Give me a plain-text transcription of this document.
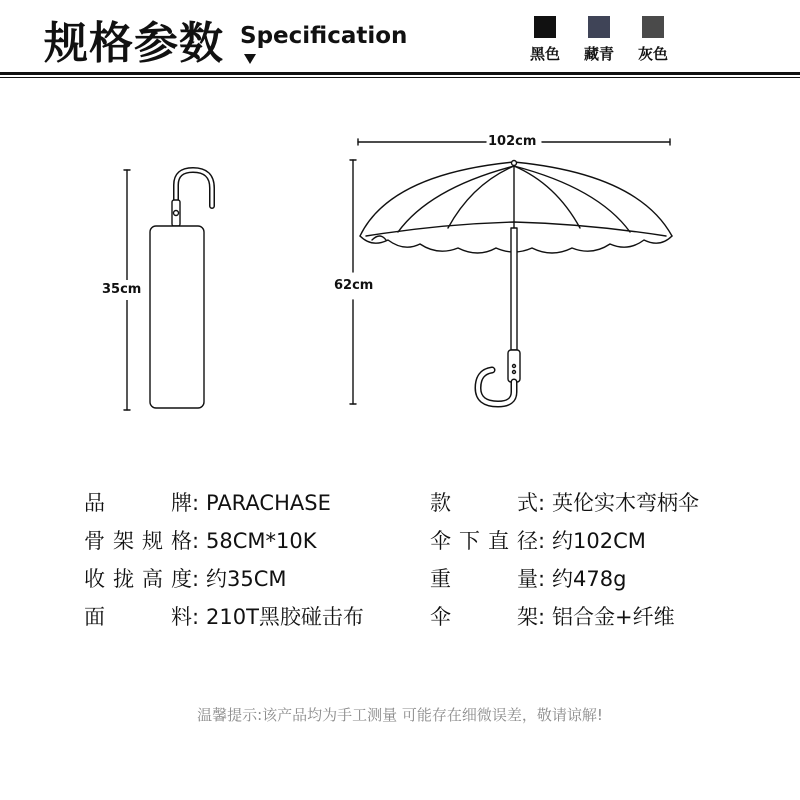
规格参数 Specification
黑色	藏青	灰色
35cm
102cm
62cm
品牌: PARACHASE	款式: 英伦实木弯柄伞
骨架规格: 58CM*10K	伞下直径: 约102CM
收拢高度: 约35CM	重量: 约478g
面料: 210T黑胶碰击布	伞架: 铝合金+纤维
温馨提示:该产品均为手工测量 可能存在细微误差，敬请谅解!
